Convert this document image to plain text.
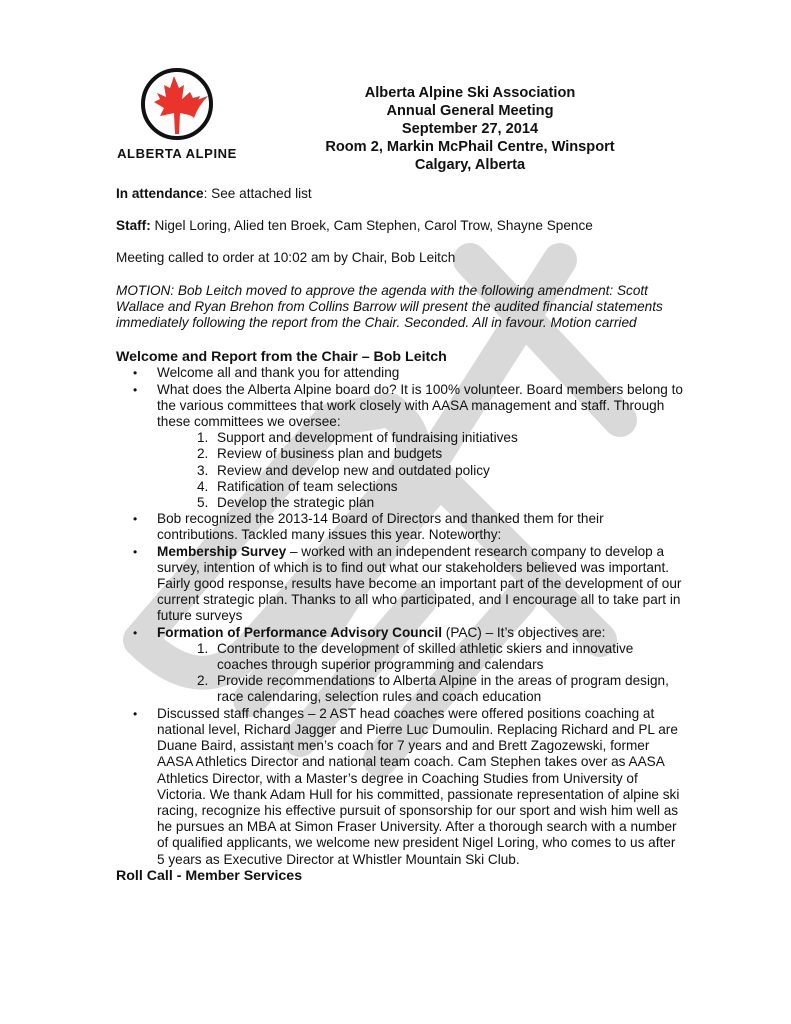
ALBERTA ALPINE
Alberta Alpine Ski Association
Annual General Meeting
September 27, 2014
Room 2, Markin McPhail Centre, Winsport
Calgary, Alberta

In attendance: See attached list

Staff: Nigel Loring, Alied ten Broek, Cam Stephen, Carol Trow, Shayne Spence

Meeting called to order at 10:02 am by Chair, Bob Leitch

MOTION: Bob Leitch moved to approve the agenda with the following amendment: Scott Wallace and Ryan Brehon from Collins Barrow will present the audited financial statements immediately following the report from the Chair. Seconded. All in favour. Motion carried

Welcome and Report from the Chair – Bob Leitch
• Welcome all and thank you for attending
• What does the Alberta Alpine board do? It is 100% volunteer. Board members belong to the various committees that work closely with AASA management and staff. Through these committees we oversee:
1. Support and development of fundraising initiatives
2. Review of business plan and budgets
3. Review and develop new and outdated policy
4. Ratification of team selections
5. Develop the strategic plan
• Bob recognized the 2013-14 Board of Directors and thanked them for their contributions. Tackled many issues this year. Noteworthy:
• Membership Survey – worked with an independent research company to develop a survey, intention of which is to find out what our stakeholders believed was important. Fairly good response, results have become an important part of the development of our current strategic plan. Thanks to all who participated, and I encourage all to take part in future surveys
• Formation of Performance Advisory Council (PAC) – It’s objectives are:
1. Contribute to the development of skilled athletic skiers and innovative coaches through superior programming and calendars
2. Provide recommendations to Alberta Alpine in the areas of program design, race calendaring, selection rules and coach education
• Discussed staff changes – 2 AST head coaches were offered positions coaching at national level, Richard Jagger and Pierre Luc Dumoulin. Replacing Richard and PL are Duane Baird, assistant men’s coach for 7 years and and Brett Zagozewski, former AASA Athletics Director and national team coach. Cam Stephen takes over as AASA Athletics Director, with a Master’s degree in Coaching Studies from University of Victoria. We thank Adam Hull for his committed, passionate representation of alpine ski racing, recognize his effective pursuit of sponsorship for our sport and wish him well as he pursues an MBA at Simon Fraser University. After a thorough search with a number of qualified applicants, we welcome new president Nigel Loring, who comes to us after 5 years as Executive Director at Whistler Mountain Ski Club.
Roll Call - Member Services
